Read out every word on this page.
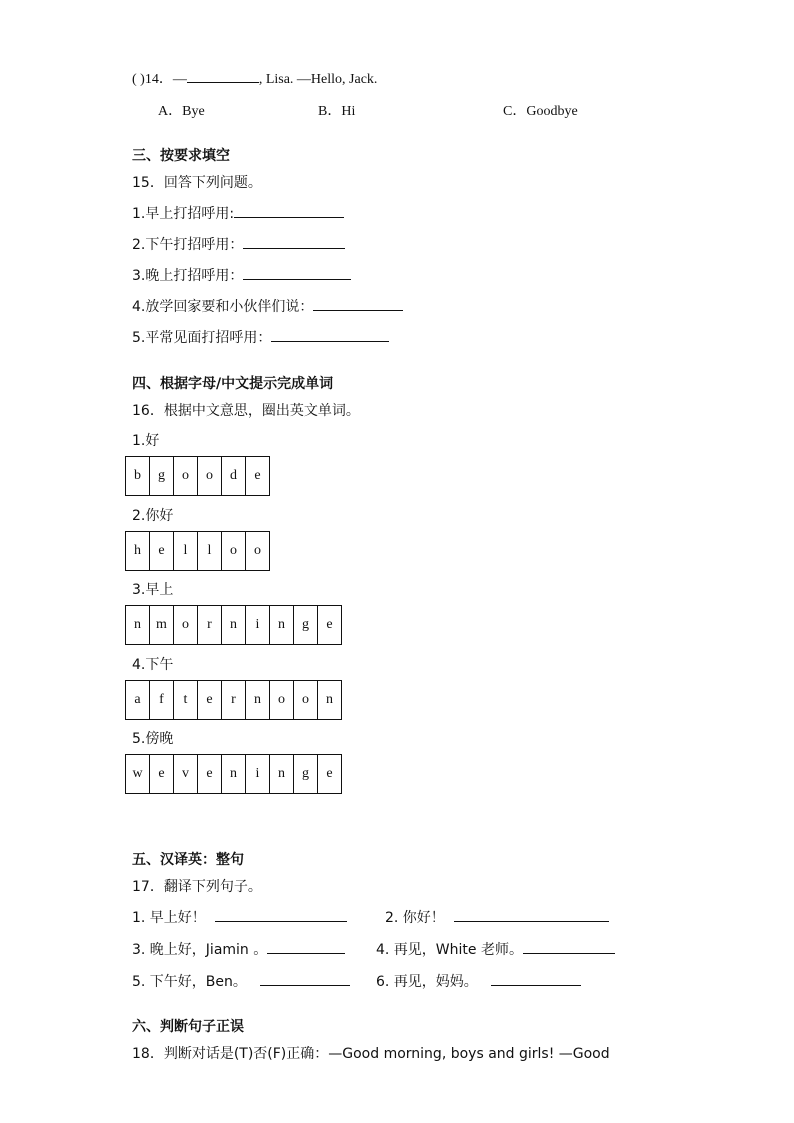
( )14．—	, Lisa. —Hello, Jack.
A．Bye	B．Hi	C．Goodbye
三、按要求填空
15．回答下列问题。
1.早上打招呼用:
2.下午打招呼用：
3.晚上打招呼用：
4.放学回家要和小伙伴们说：
5.平常见面打招呼用：
四、根据字母/中文提示完成单词
16．根据中文意思，圈出英文单词。
1.好
b	g	o	o	d	e
2.你好
h	e	l	l	o	o
3.早上
n	m	o	r	n	i	n	g	e
4.下午
a	f	t	e	r	n	o	o	n
5.傍晚
w	e	v	e	n	i	n	g	e
五、汉译英：整句
17．翻译下列句子。
1. 早上好！	2. 你好！
3. 晚上好，Jiamin 。	4. 再见，White 老师。
5. 下午好，Ben。	6. 再见，妈妈。
六、判断句子正误
18．判断对话是(T)否(F)正确：—Good morning, boys and girls! —Good
